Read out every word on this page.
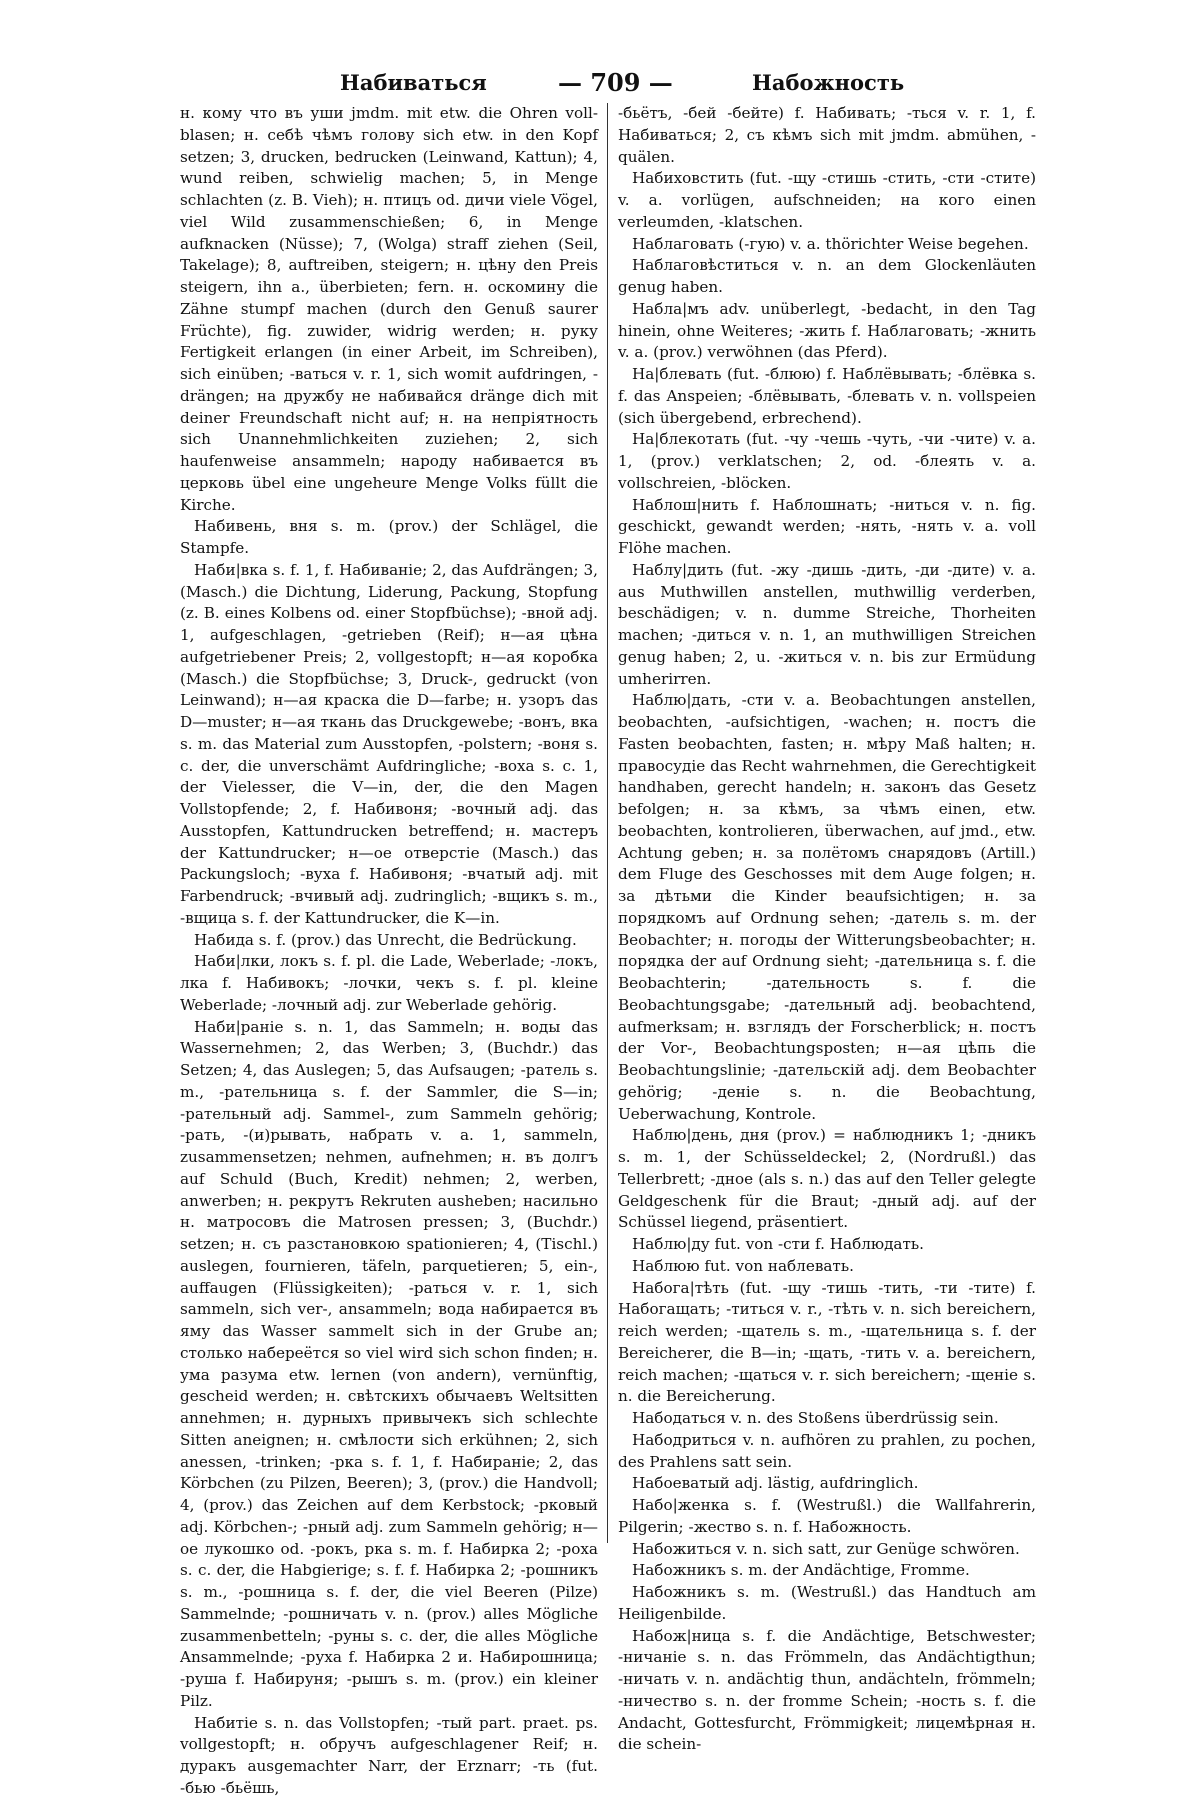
Набиваться	— 709 —	Набожность

н. кому что въ уши jmdm. mit etw. die Ohren voll-blasen; н. себѣ чѣмъ голову sich etw. in den Kopf setzen; 3, drucken, bedrucken (Leinwand, Kattun); 4, wund reiben, schwielig machen; 5, in Menge schlachten (z. B. Vieh); н. птицъ od. дичи viele Vögel, viel Wild zusammenschießen; 6, in Menge aufknacken (Nüsse); 7, (Wolga) straff ziehen (Seil, Takelage); 8, auftreiben, steigern; н. цѣну den Preis steigern, ihn a., überbieten; fern. н. оскомину die Zähne stumpf machen (durch den Genuß saurer Früchte), fig. zuwider, widrig werden; н. руку Fertigkeit erlangen (in einer Arbeit, im Schreiben), sich einüben; -ваться v. r. 1, sich womit aufdringen, -drängen; на дружбу не набивайся dränge dich mit deiner Freundschaft nicht auf; н. на непріятность sich Unannehmlichkeiten zuziehen; 2, sich haufenweise ansammeln; народу набивается въ церковь übel eine ungeheure Menge Volks füllt die Kirche.

Набивень, вня s. m. (prov.) der Schlägel, die Stampfe.

Наби|вка s. f. 1, f. Набиваніе; 2, das Aufdrängen; 3, (Masch.) die Dichtung, Liderung, Packung, Stopfung (z. B. eines Kolbens od. einer Stopfbüchse); -вной adj. 1, aufgeschlagen, -getrieben (Reif); н—ая цѣна aufgetriebener Preis; 2, vollgestopft; н—ая коробка (Masch.) die Stopfbüchse; 3, Druck-, gedruckt (von Leinwand); н—ая краска die D—farbe; н. узоръ das D—muster; н—ая ткань das Druckgewebe; -вонъ, вка s. m. das Material zum Ausstopfen, -polstern; -воня s. c. der, die unverschämt Aufdringliche; -воха s. c. 1, der Vielesser, die V—in, der, die den Magen Vollstopfende; 2, f. Набивоня; -вочный adj. das Ausstopfen, Kattundrucken betreffend; н. мастеръ der Kattundrucker; н—ое отверстіе (Masch.) das Packungsloch; -вуха f. Набивоня; -вчатый adj. mit Farbendruck; -вчивый adj. zudringlich; -вщикъ s. m., -вщица s. f. der Kattundrucker, die K—in.

Набида s. f. (prov.) das Unrecht, die Bedrückung.

Наби|лки, локъ s. f. pl. die Lade, Weberlade; -локъ, лка f. Набивокъ; -лочки, чекъ s. f. pl. kleine Weberlade; -лочный adj. zur Weberlade gehörig.

Наби|раніе s. n. 1, das Sammeln; н. воды das Wassernehmen; 2, das Werben; 3, (Buchdr.) das Setzen; 4, das Auslegen; 5, das Aufsaugen; -ратель s. m., -рательница s. f. der Sammler, die S—in; -рательный adj. Sammel-, zum Sammeln gehörig; -рать, -(и)рывать, набрать v. a. 1, sammeln, zusammensetzen; nehmen, aufnehmen; н. въ долгъ auf Schuld (Buch, Kredit) nehmen; 2, werben, anwerben; н. рекрутъ Rekruten ausheben; насильно н. матросовъ die Matrosen pressen; 3, (Buchdr.) setzen; н. съ разстановкою spationieren; 4, (Tischl.) auslegen, fournieren, täfeln, parquetieren; 5, ein-, auffaugen (Flüssigkeiten); -раться v. r. 1, sich sammeln, sich ver-, ansammeln; вода набирается въ яму das Wasser sammelt sich in der Grube an; столько набереётся so viel wird sich schon finden; н. ума разума etw. lernen (von andern), vernünftig, gescheid werden; н. свѣтскихъ обычаевъ Weltsitten annehmen; н. дурныхъ привычекъ sich schlechte Sitten aneignen; н. смѣлости sich erkühnen; 2, sich anessen, -trinken; -рка s. f. 1, f. Набираніе; 2, das Körbchen (zu Pilzen, Beeren); 3, (prov.) die Handvoll; 4, (prov.) das Zeichen auf dem Kerbstock; -рковый adj. Körbchen-; -рный adj. zum Sammeln gehörig; н—ое лукошко od. -рокъ, рка s. m. f. Набирка 2; -роха s. c. der, die Habgierige; s. f. f. Набирка 2; -рошникъ s. m., -рошница s. f. der, die viel Beeren (Pilze) Sammelnde; -рошничать v. n. (prov.) alles Mögliche zusammenbetteln; -руны s. c. der, die alles Mögliche Ansammelnde; -руха f. Набирка 2 и. Набирошница; -руша f. Набируня; -рышъ s. m. (prov.) ein kleiner Pilz.

Набитіе s. n. das Vollstopfen; -тый part. praet. ps. vollgestopft; н. обручъ aufgeschlagener Reif; н. дуракъ ausgemachter Narr, der Erznarr; -ть (fut. -бью -бьёшь,

-бьётъ, -бей -бейте) f. Набивать; -ться v. r. 1, f. Набиваться; 2, съ кѣмъ sich mit jmdm. abmühen, -quälen.

Набиховстить (fut. -щу -стишь -стить, -сти -стите) v. a. vorlügen, aufschneiden; на кого einen verleumden, -klatschen.

Наблаговать (-гую) v. a. thörichter Weise begehen.

Наблаговѣститься v. n. an dem Glockenläuten genug haben.

Набла|мъ adv. unüberlegt, -bedacht, in den Tag hinein, ohne Weiteres; -жить f. Наблаговать; -жнить v. a. (prov.) verwöhnen (das Pferd).

На|блевать (fut. -блюю) f. Наблёвывать; -блёвка s. f. das Anspeien; -блёвывать, -блевать v. n. vollspeien (sich übergebend, erbrechend).

На|блекотать (fut. -чу -чешь -чуть, -чи -чите) v. a. 1, (prov.) verklatschen; 2, od. -блеять v. a. vollschreien, -blöcken.

Наблош|нить f. Наблошнать; -ниться v. n. fig. geschickt, gewandt werden; -нять, -нять v. a. voll Flöhe machen.

Наблу|дить (fut. -жу -дишь -дить, -ди -дите) v. a. aus Muthwillen anstellen, muthwillig verderben, beschädigen; v. n. dumme Streiche, Thorheiten machen; -диться v. n. 1, an muthwilligen Streichen genug haben; 2, u. -житься v. n. bis zur Ermüdung umherirren.

Наблю|дать, -сти v. a. Beobachtungen anstellen, beobachten, -aufsichtigen, -wachen; н. постъ die Fasten beobachten, fasten; н. мѣру Maß halten; н. правосудіе das Recht wahrnehmen, die Gerechtigkeit handhaben, gerecht handeln; н. законъ das Gesetz befolgen; н. за кѣмъ, за чѣмъ einen, etw. beobachten, kontrolieren, überwachen, auf jmd., etw. Achtung geben; н. за полётомъ снарядовъ (Artill.) dem Fluge des Geschosses mit dem Auge folgen; н. за дѣтьми die Kinder beaufsichtigen; н. за порядкомъ auf Ordnung sehen; -датель s. m. der Beobachter; н. погоды der Witterungsbeobachter; н. порядка der auf Ordnung sieht; -дательница s. f. die Beobachterin; -дательность s. f. die Beobachtungsgabe; -дательный adj. beobachtend, aufmerksam; н. взглядъ der Forscherblick; н. постъ der Vor-, Beobachtungsposten; н—ая цѣпь die Beobachtungslinie; -дательскій adj. dem Beobachter gehörig; -деніе s. n. die Beobachtung, Ueberwachung, Kontrole.

Наблю|день, дня (prov.) = наблюдникъ 1; -дникъ s. m. 1, der Schüsseldeckel; 2, (Nordrußl.) das Tellerbrett; -дное (als s. n.) das auf den Teller gelegte Geldgeschenk für die Braut; -дный adj. auf der Schüssel liegend, präsentiert.

Наблю|ду fut. von -сти f. Наблюдать.

Наблюю fut. von наблевать.

Набога|тѣть (fut. -щу -тишь -тить, -ти -тите) f. Набогащать; -титься v. r., -тѣть v. n. sich bereichern, reich werden; -щатель s. m., -щательница s. f. der Bereicherer, die B—in; -щать, -тить v. a. bereichern, reich machen; -щаться v. r. sich bereichern; -щеніе s. n. die Bereicherung.

Набодаться v. n. des Stoßens überdrüssig sein.

Набодриться v. n. aufhören zu prahlen, zu pochen, des Prahlens satt sein.

Набоеватый adj. lästig, aufdringlich.

Набо|женка s. f. (Westrußl.) die Wallfahrerin, Pilgerin; -жество s. n. f. Набожность.

Набожиться v. n. sich satt, zur Genüge schwören.

Набожникъ s. m. der Andächtige, Fromme.

Набожникъ s. m. (Westrußl.) das Handtuch am Heiligenbilde.

Набож|ница s. f. die Andächtige, Betschwester; -ничаніе s. n. das Frömmeln, das Andächtigthun; -ничать v. n. andächtig thun, andächteln, frömmeln; -ничество s. n. der fromme Schein; -ность s. f. die Andacht, Gottesfurcht, Frömmigkeit; лицемѣрная н. die schein-
